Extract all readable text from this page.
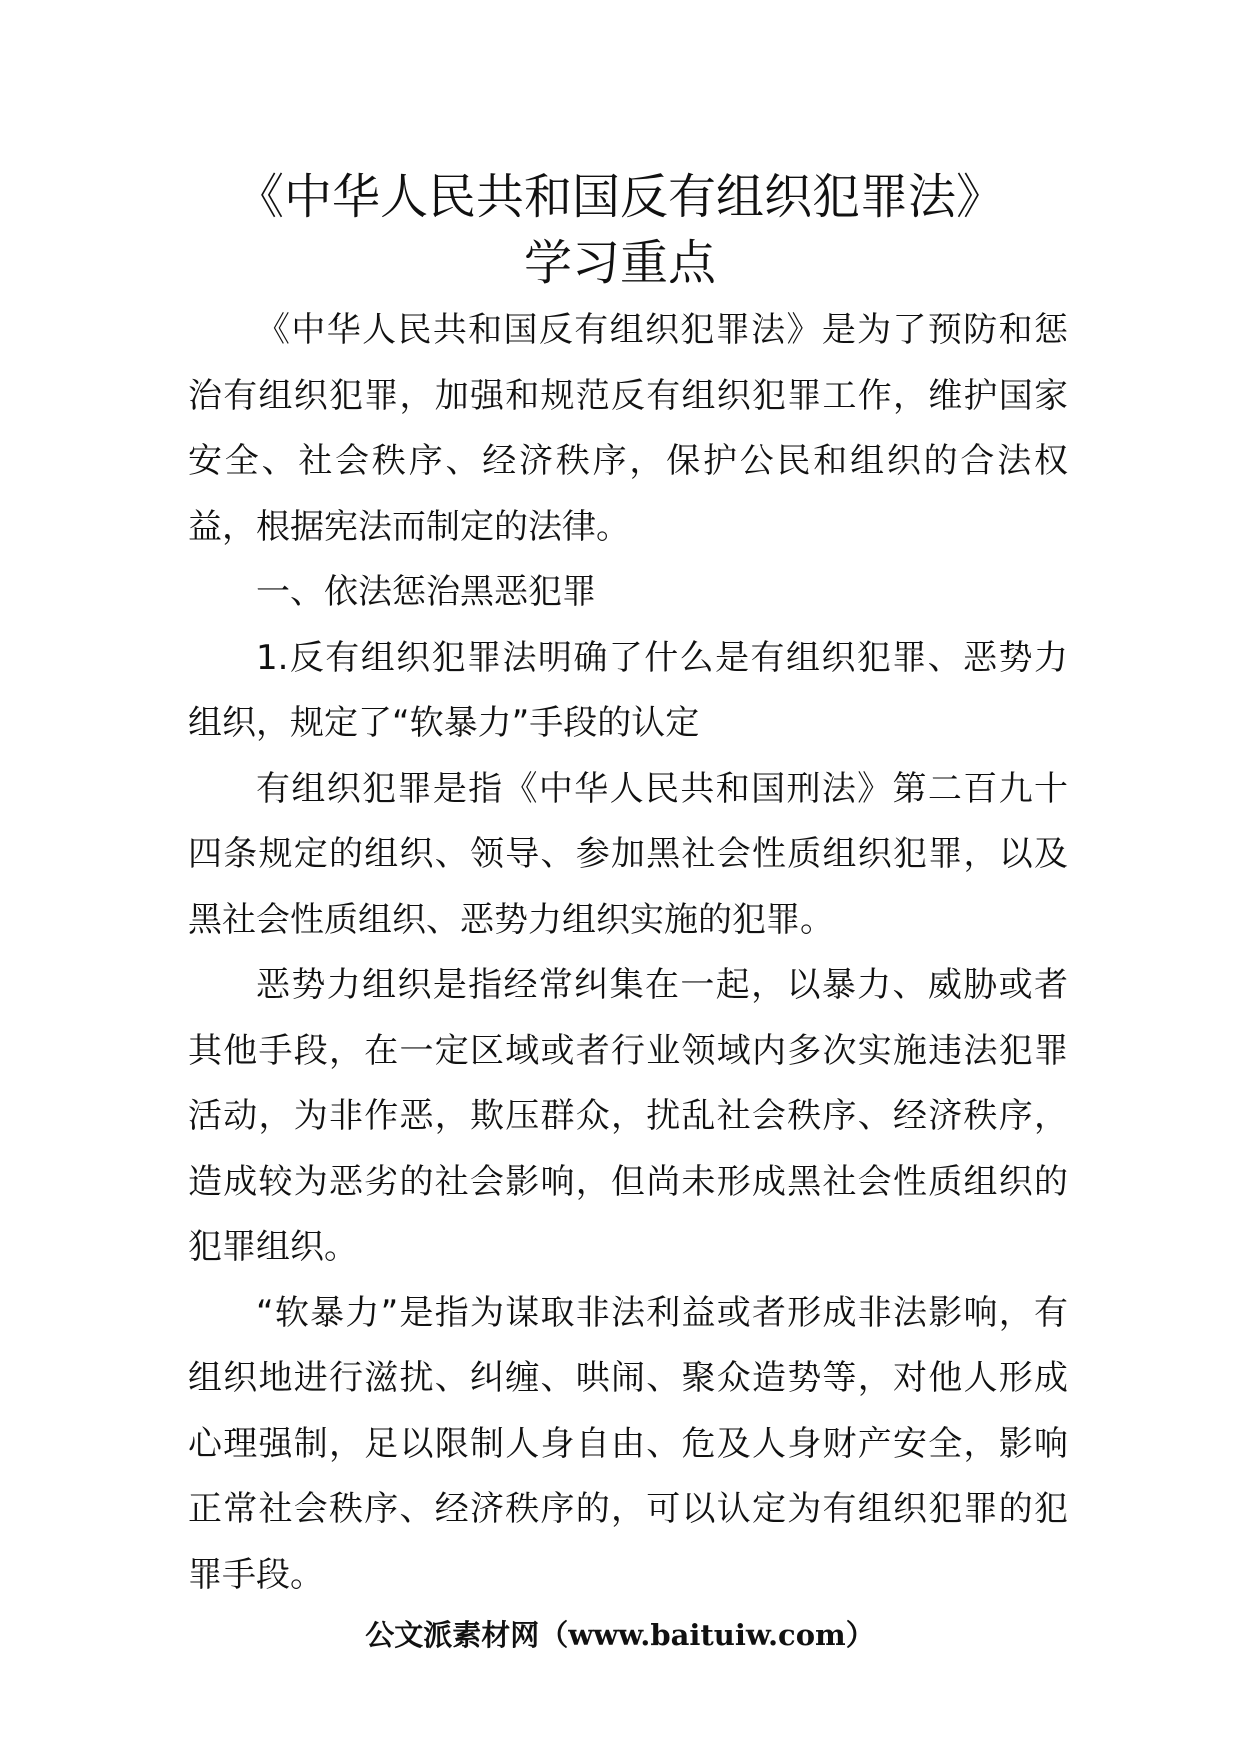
《中华人民共和国反有组织犯罪法》
学习重点

《中华人民共和国反有组织犯罪法》是为了预防和惩治有组织犯罪，加强和规范反有组织犯罪工作，维护国家安全、社会秩序、经济秩序，保护公民和组织的合法权益，根据宪法而制定的法律。

一、依法惩治黑恶犯罪

1.反有组织犯罪法明确了什么是有组织犯罪、恶势力组织，规定了“软暴力”手段的认定

有组织犯罪是指《中华人民共和国刑法》第二百九十四条规定的组织、领导、参加黑社会性质组织犯罪，以及黑社会性质组织、恶势力组织实施的犯罪。

恶势力组织是指经常纠集在一起，以暴力、威胁或者其他手段，在一定区域或者行业领域内多次实施违法犯罪活动，为非作恶，欺压群众，扰乱社会秩序、经济秩序，造成较为恶劣的社会影响，但尚未形成黑社会性质组织的犯罪组织。

“软暴力”是指为谋取非法利益或者形成非法影响，有组织地进行滋扰、纠缠、哄闹、聚众造势等，对他人形成心理强制，足以限制人身自由、危及人身财产安全，影响正常社会秩序、经济秩序的，可以认定为有组织犯罪的犯罪手段。

公文派素材网（www.baituiw.com）
